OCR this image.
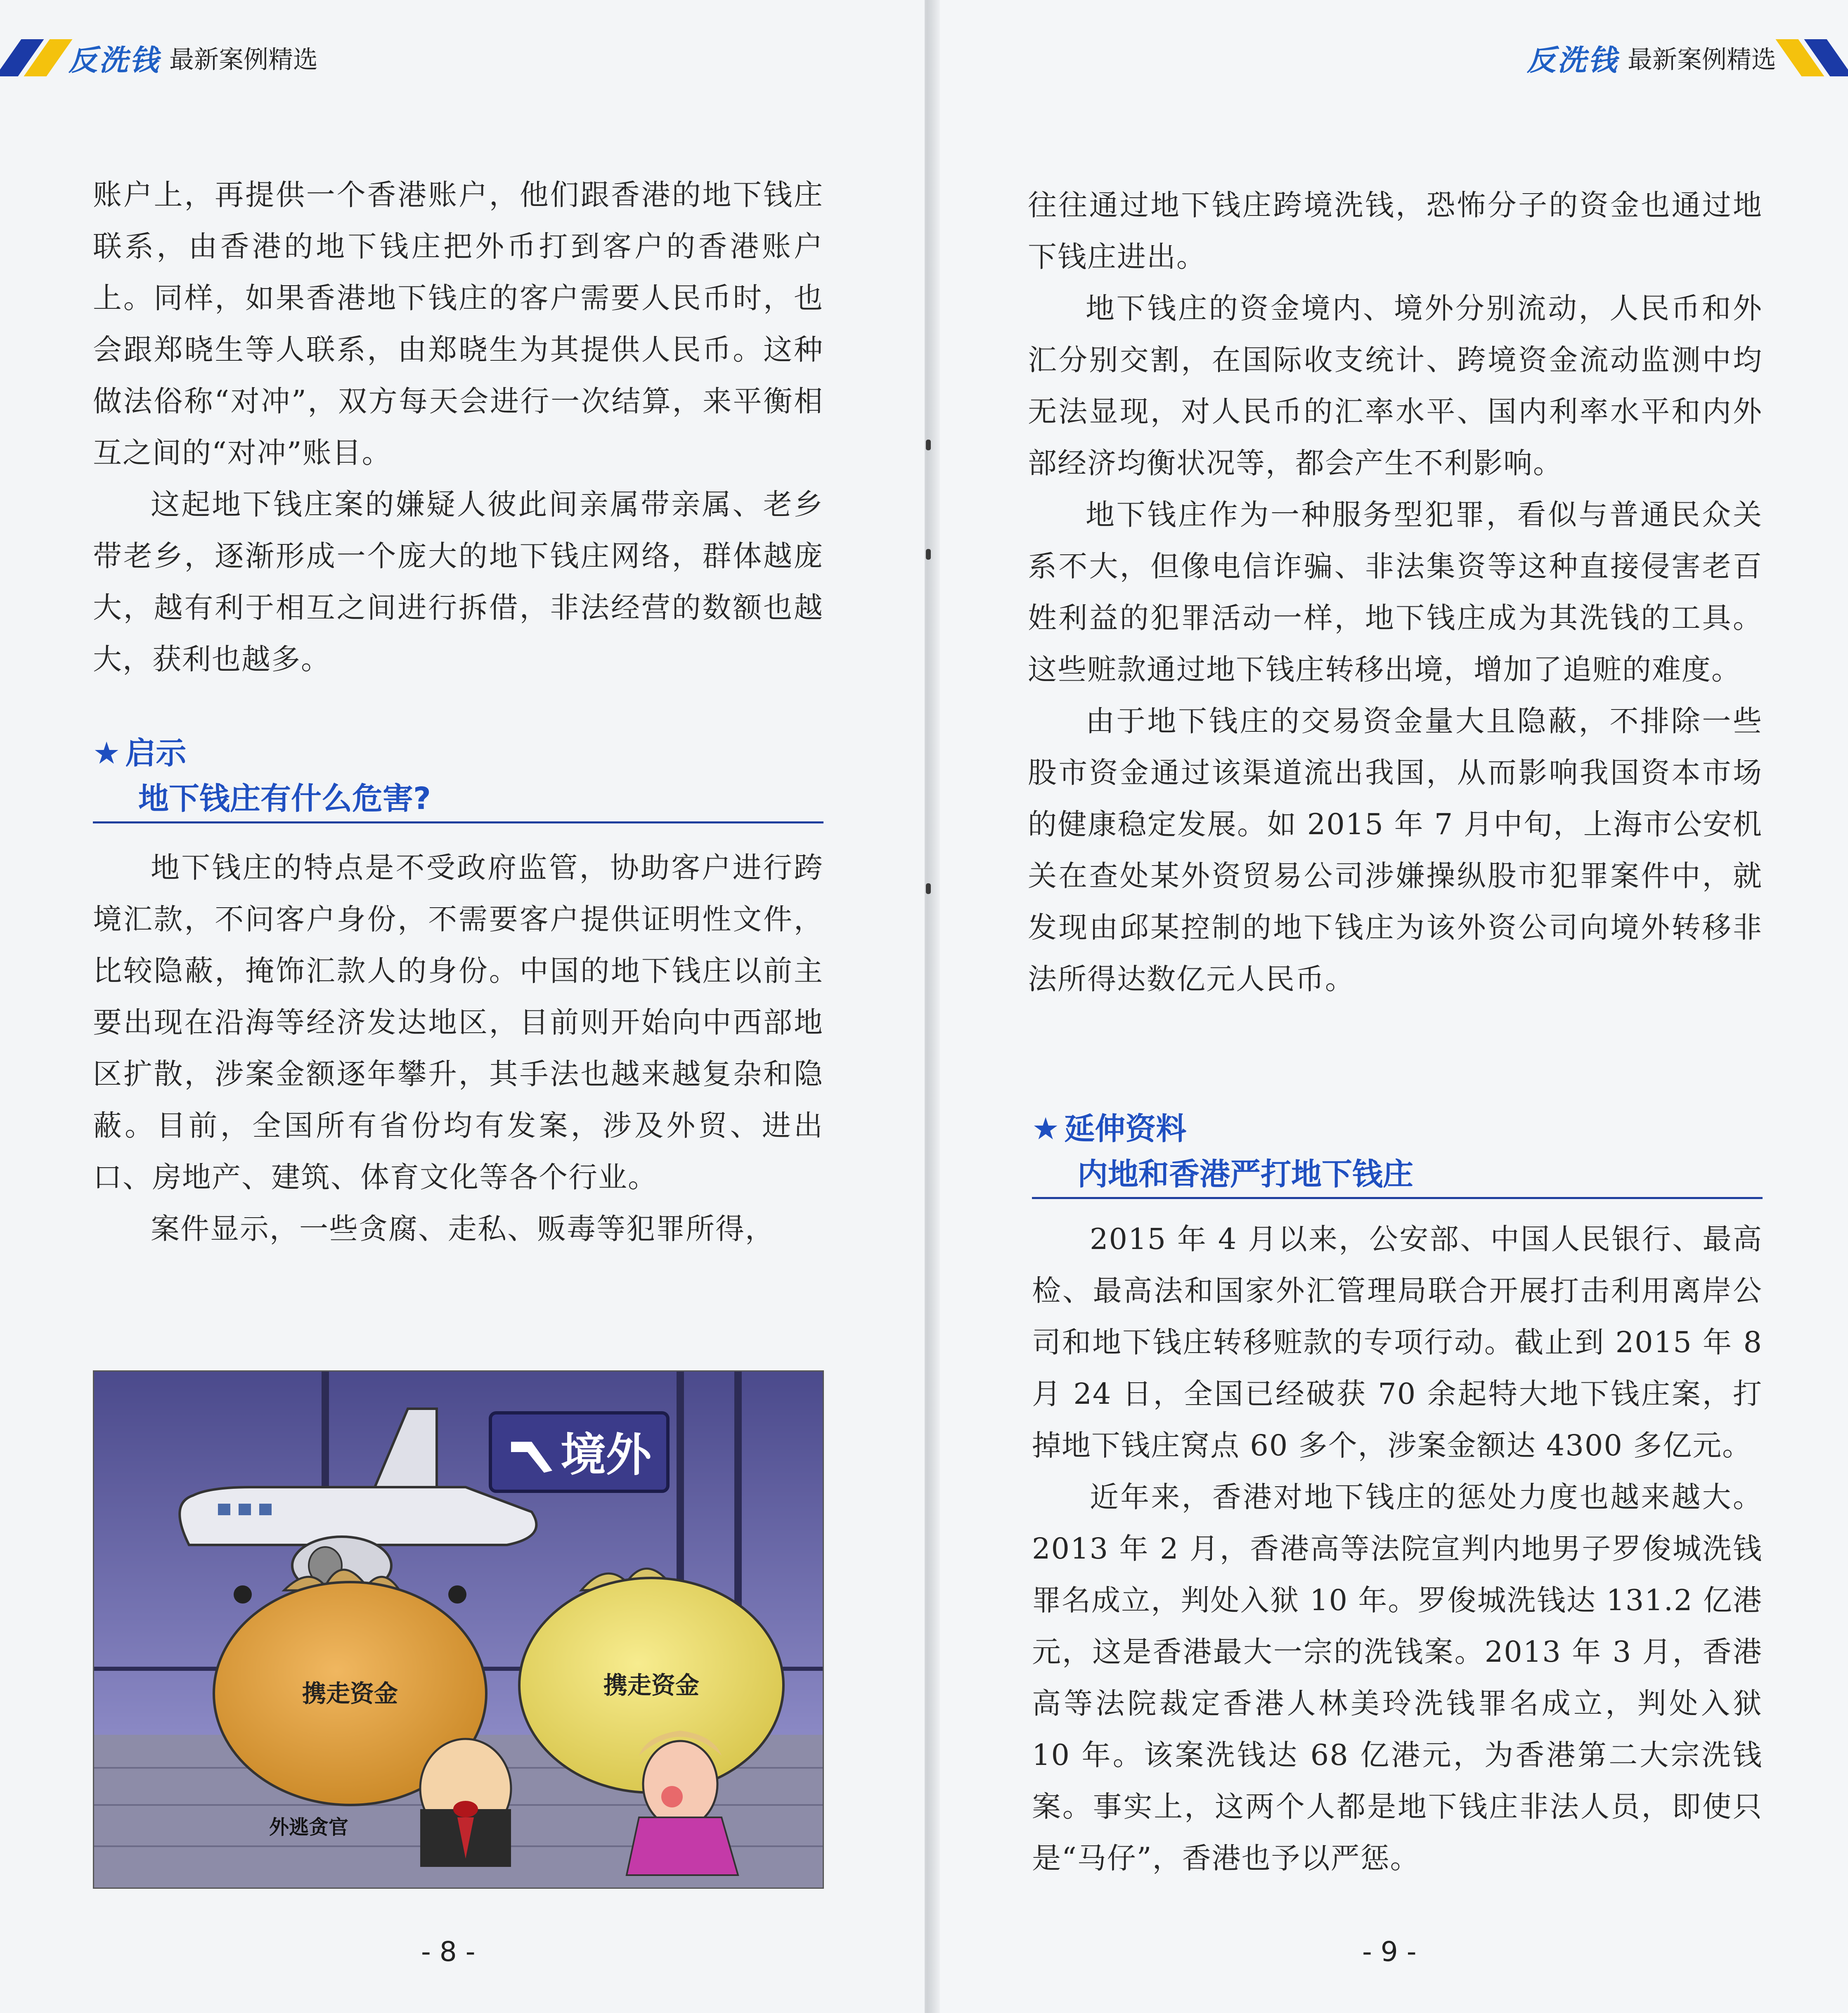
反洗钱 最新案例精选

账户上，再提供一个香港账户，他们跟香港的地下钱庄联系，由香港的地下钱庄把外币打到客户的香港账户上。同样，如果香港地下钱庄的客户需要人民币时，也会跟郑晓生等人联系，由郑晓生为其提供人民币。这种做法俗称“对冲”，双方每天会进行一次结算，来平衡相互之间的“对冲”账目。

这起地下钱庄案的嫌疑人彼此间亲属带亲属、老乡带老乡，逐渐形成一个庞大的地下钱庄网络，群体越庞大，越有利于相互之间进行拆借，非法经营的数额也越大，获利也越多。

★ 启示
地下钱庄有什么危害?

地下钱庄的特点是不受政府监管，协助客户进行跨境汇款，不问客户身份，不需要客户提供证明性文件，比较隐蔽，掩饰汇款人的身份。中国的地下钱庄以前主要出现在沿海等经济发达地区，目前则开始向中西部地区扩散，涉案金额逐年攀升，其手法也越来越复杂和隐蔽。目前，全国所有省份均有发案，涉及外贸、进出口、房地产、建筑、体育文化等各个行业。

案件显示，一些贪腐、走私、贩毒等犯罪所得，

境外
携走资金	携走资金
外逃贪官
- 8 -
反洗钱 最新案例精选

往往通过地下钱庄跨境洗钱，恐怖分子的资金也通过地下钱庄进出。

地下钱庄的资金境内、境外分别流动，人民币和外汇分别交割，在国际收支统计、跨境资金流动监测中均无法显现，对人民币的汇率水平、国内利率水平和内外部经济均衡状况等，都会产生不利影响。

地下钱庄作为一种服务型犯罪，看似与普通民众关系不大，但像电信诈骗、非法集资等这种直接侵害老百姓利益的犯罪活动一样，地下钱庄成为其洗钱的工具。这些赃款通过地下钱庄转移出境，增加了追赃的难度。

由于地下钱庄的交易资金量大且隐蔽，不排除一些股市资金通过该渠道流出我国，从而影响我国资本市场的健康稳定发展。如 2015 年 7 月中旬，上海市公安机关在查处某外资贸易公司涉嫌操纵股市犯罪案件中，就发现由邱某控制的地下钱庄为该外资公司向境外转移非法所得达数亿元人民币。

★ 延伸资料
内地和香港严打地下钱庄

2015 年 4 月以来，公安部、中国人民银行、最高检、最高法和国家外汇管理局联合开展打击利用离岸公司和地下钱庄转移赃款的专项行动。截止到 2015 年 8 月 24 日，全国已经破获 70 余起特大地下钱庄案，打掉地下钱庄窝点 60 多个，涉案金额达 4300 多亿元。

近年来，香港对地下钱庄的惩处力度也越来越大。2013 年 2 月，香港高等法院宣判内地男子罗俊城洗钱罪名成立，判处入狱 10 年。罗俊城洗钱达 131.2 亿港元，这是香港最大一宗的洗钱案。2013 年 3 月，香港高等法院裁定香港人林美玲洗钱罪名成立，判处入狱 10 年。该案洗钱达 68 亿港元，为香港第二大宗洗钱案。事实上，这两个人都是地下钱庄非法人员，即使只是“马仔”，香港也予以严惩。

- 9 -
